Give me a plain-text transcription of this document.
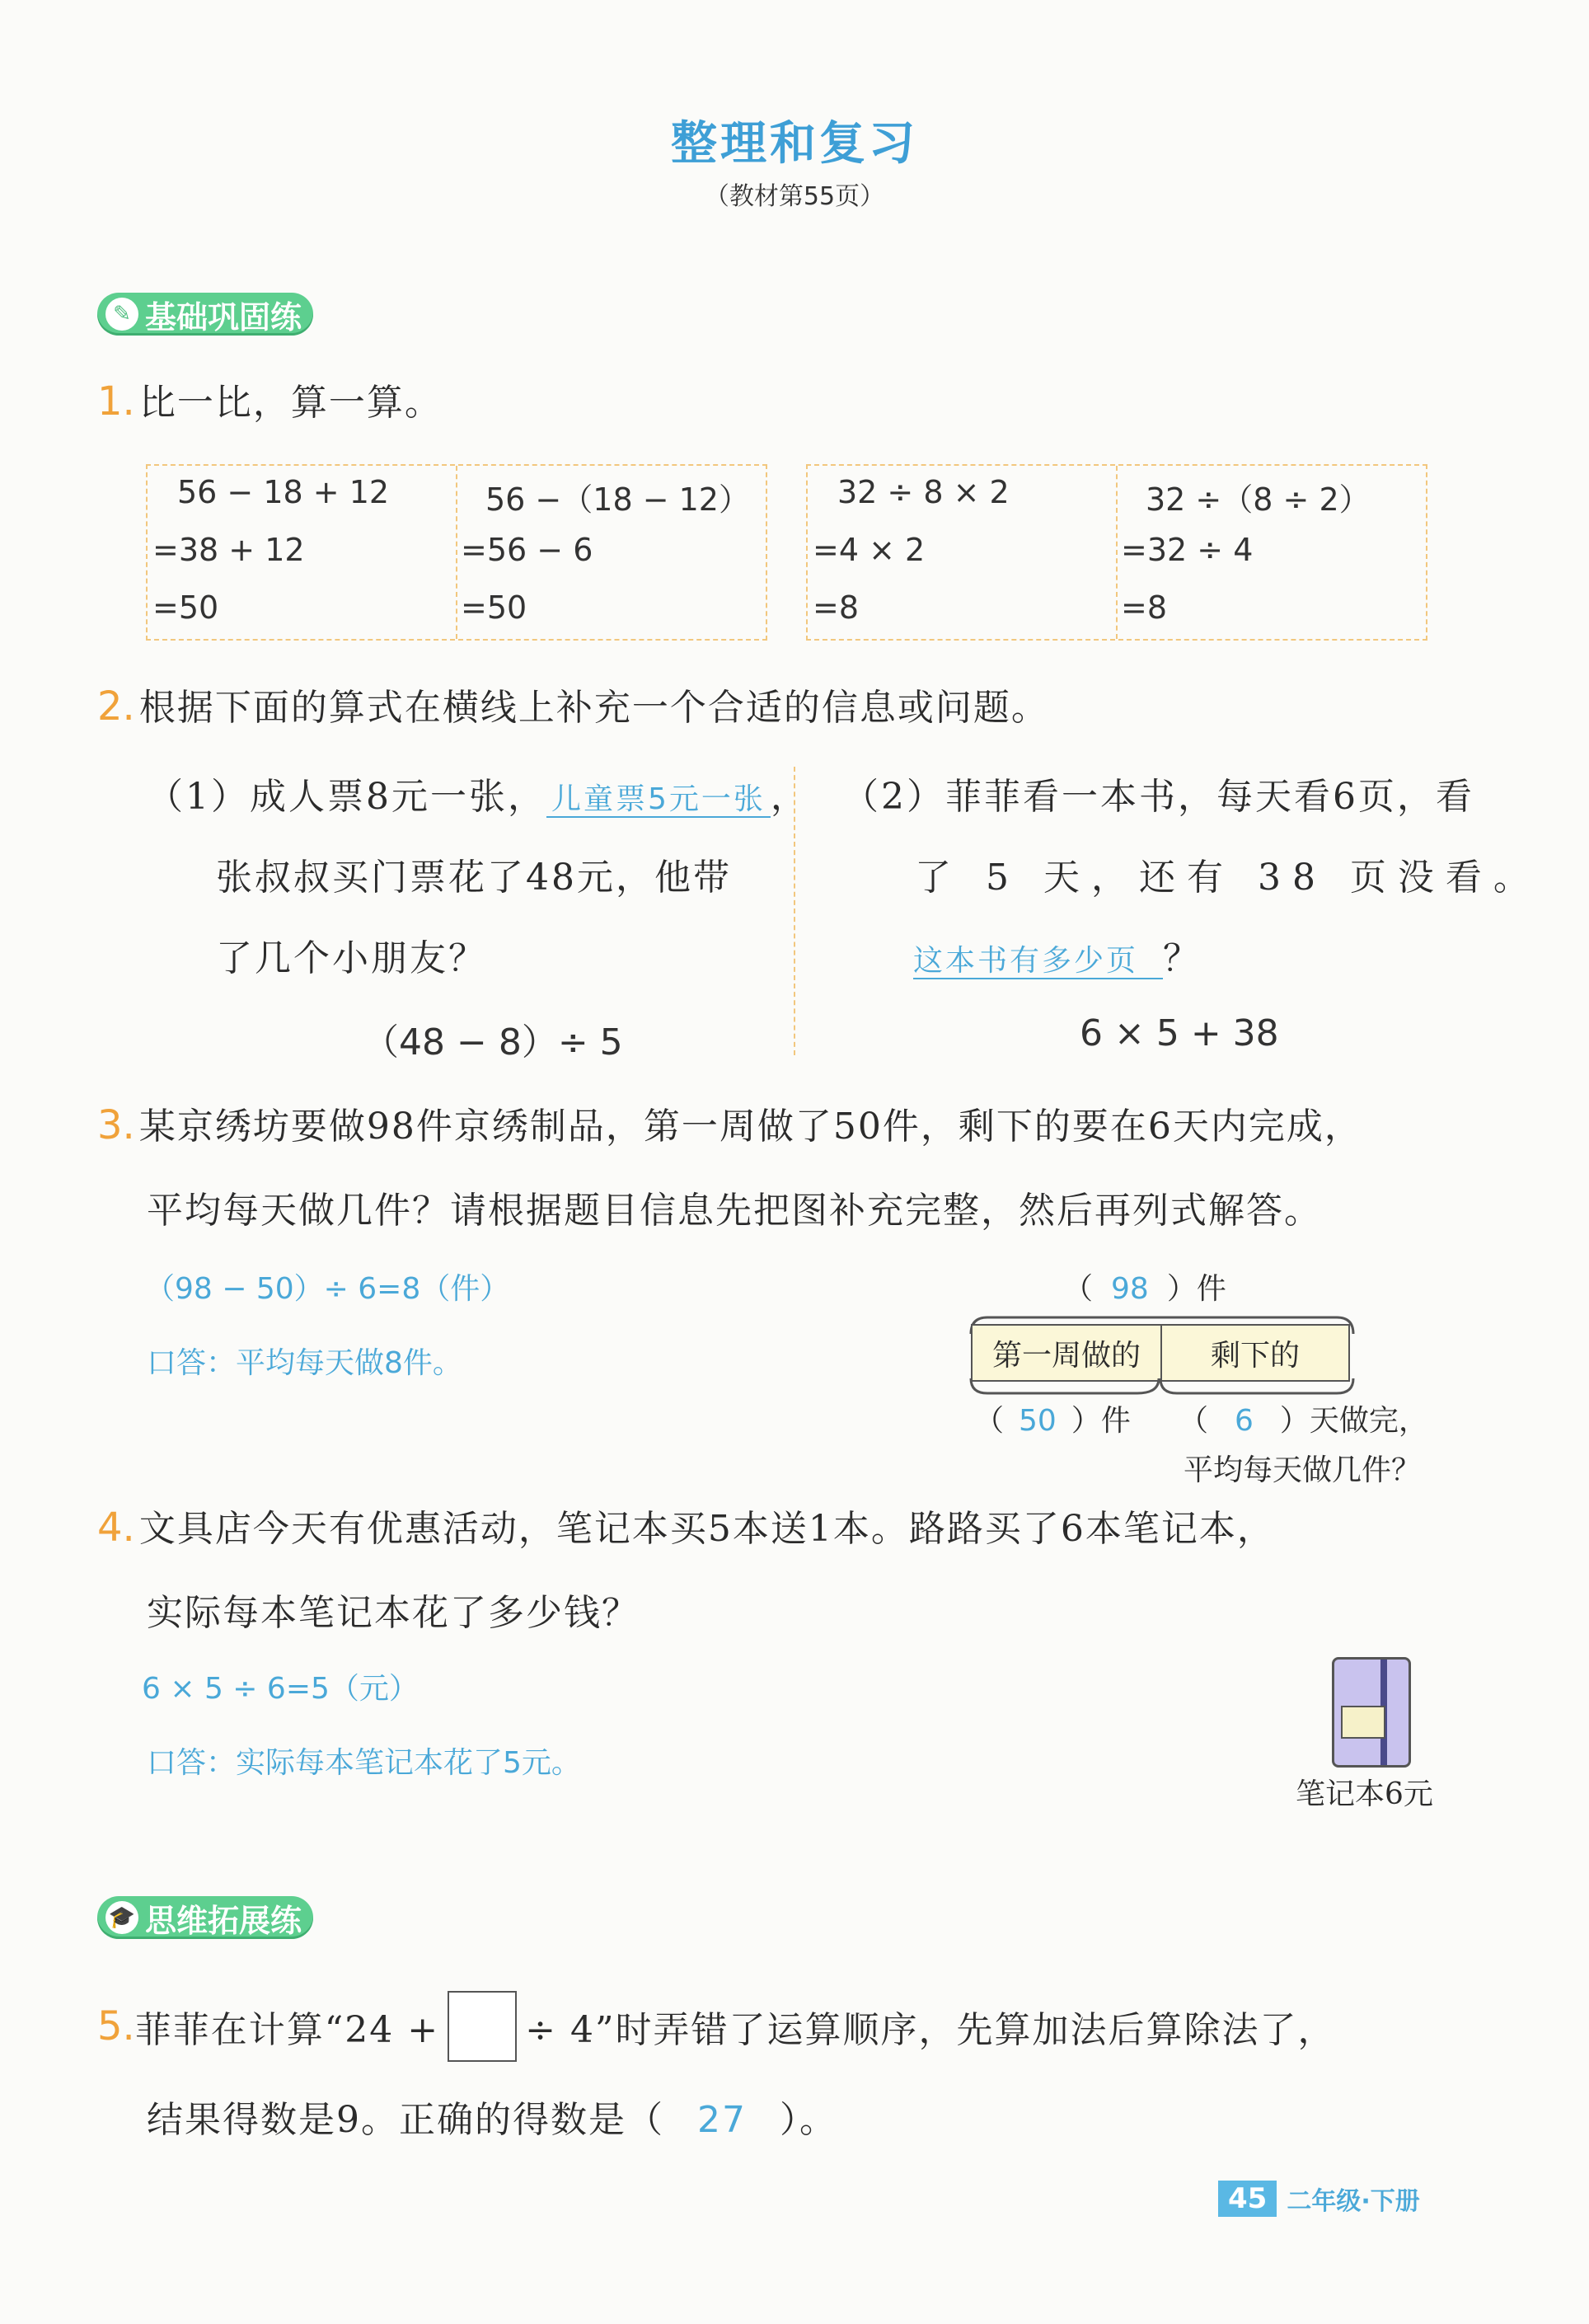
整理和复习
（教材第55页）
✎ 基础巩固练
1. 比一比，算一算。
56 − 18 + 12
=38 + 12
=50
56 −（18 − 12）
=56 − 6
=50
32 ÷ 8 × 2
=4 × 2
=8
32 ÷（8 ÷ 2）
=32 ÷ 4
=8
2. 根据下面的算式在横线上补充一个合适的信息或问题。
（1）成人票8元一张， 儿童票5元一张 ，
张叔叔买门票花了48元，他带
了几个小朋友？
（48 − 8）÷ 5
（2）菲菲看一本书，每天看6页，看
了 5 天，还有 38 页没看。
这本书有多少页 ？
6 × 5 + 38
3. 某京绣坊要做98件京绣制品，第一周做了50件，剩下的要在6天内完成，
平均每天做几件？请根据题目信息先把图补充完整，然后再列式解答。
（98 − 50）÷ 6=8（件）
口答：平均每天做8件。
（ 98 ）件
第一周做的	剩下的
（ 50 ）件 （ 6 ）天做完，
平均每天做几件？
4. 文具店今天有优惠活动，笔记本买5本送1本。路路买了6本笔记本，
实际每本笔记本花了多少钱？
6 × 5 ÷ 6=5（元）
口答：实际每本笔记本花了5元。
笔记本6元
🎓 思维拓展练
5. 菲菲在计算“24 + ÷ 4”时弄错了运算顺序，先算加法后算除法了，
结果得数是9。正确的得数是（ 27 ）。
45 二年级·下册
